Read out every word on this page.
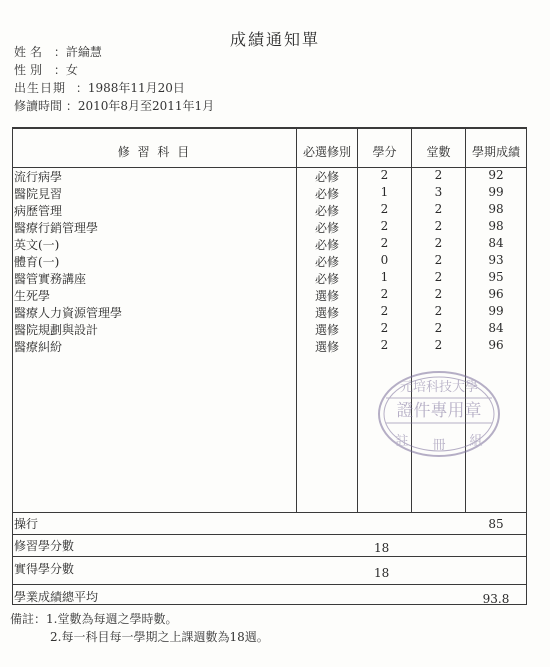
成績通知單
姓名 ：許綸慧
性別 ：女
出生日期 ：1988年11月20日
修讀時間 ：2010年8月至2011年1月
修 習 科 目	必選修別	學分	堂數	學期成績
流行病學	必修	2	2	92
醫院見習	必修	1	3	99
病歷管理	必修	2	2	98
醫療行銷管理學	必修	2	2	98
英文(一)	必修	2	2	84
體育(一)	必修	0	2	93
醫管實務講座	必修	1	2	95
生死學	選修	2	2	96
醫療人力資源管理學	選修	2	2	99
醫院規劃與設計	選修	2	2	84
醫療糾紛	選修	2	2	96
操行	85
修習學分數	18
實得學分數	18
學業成績總平均	93.8
備註：1.堂數為每週之學時數。
2.每一科目每一學期之上課週數為18週。
元培科技大學
證件專用章
註 冊 組
